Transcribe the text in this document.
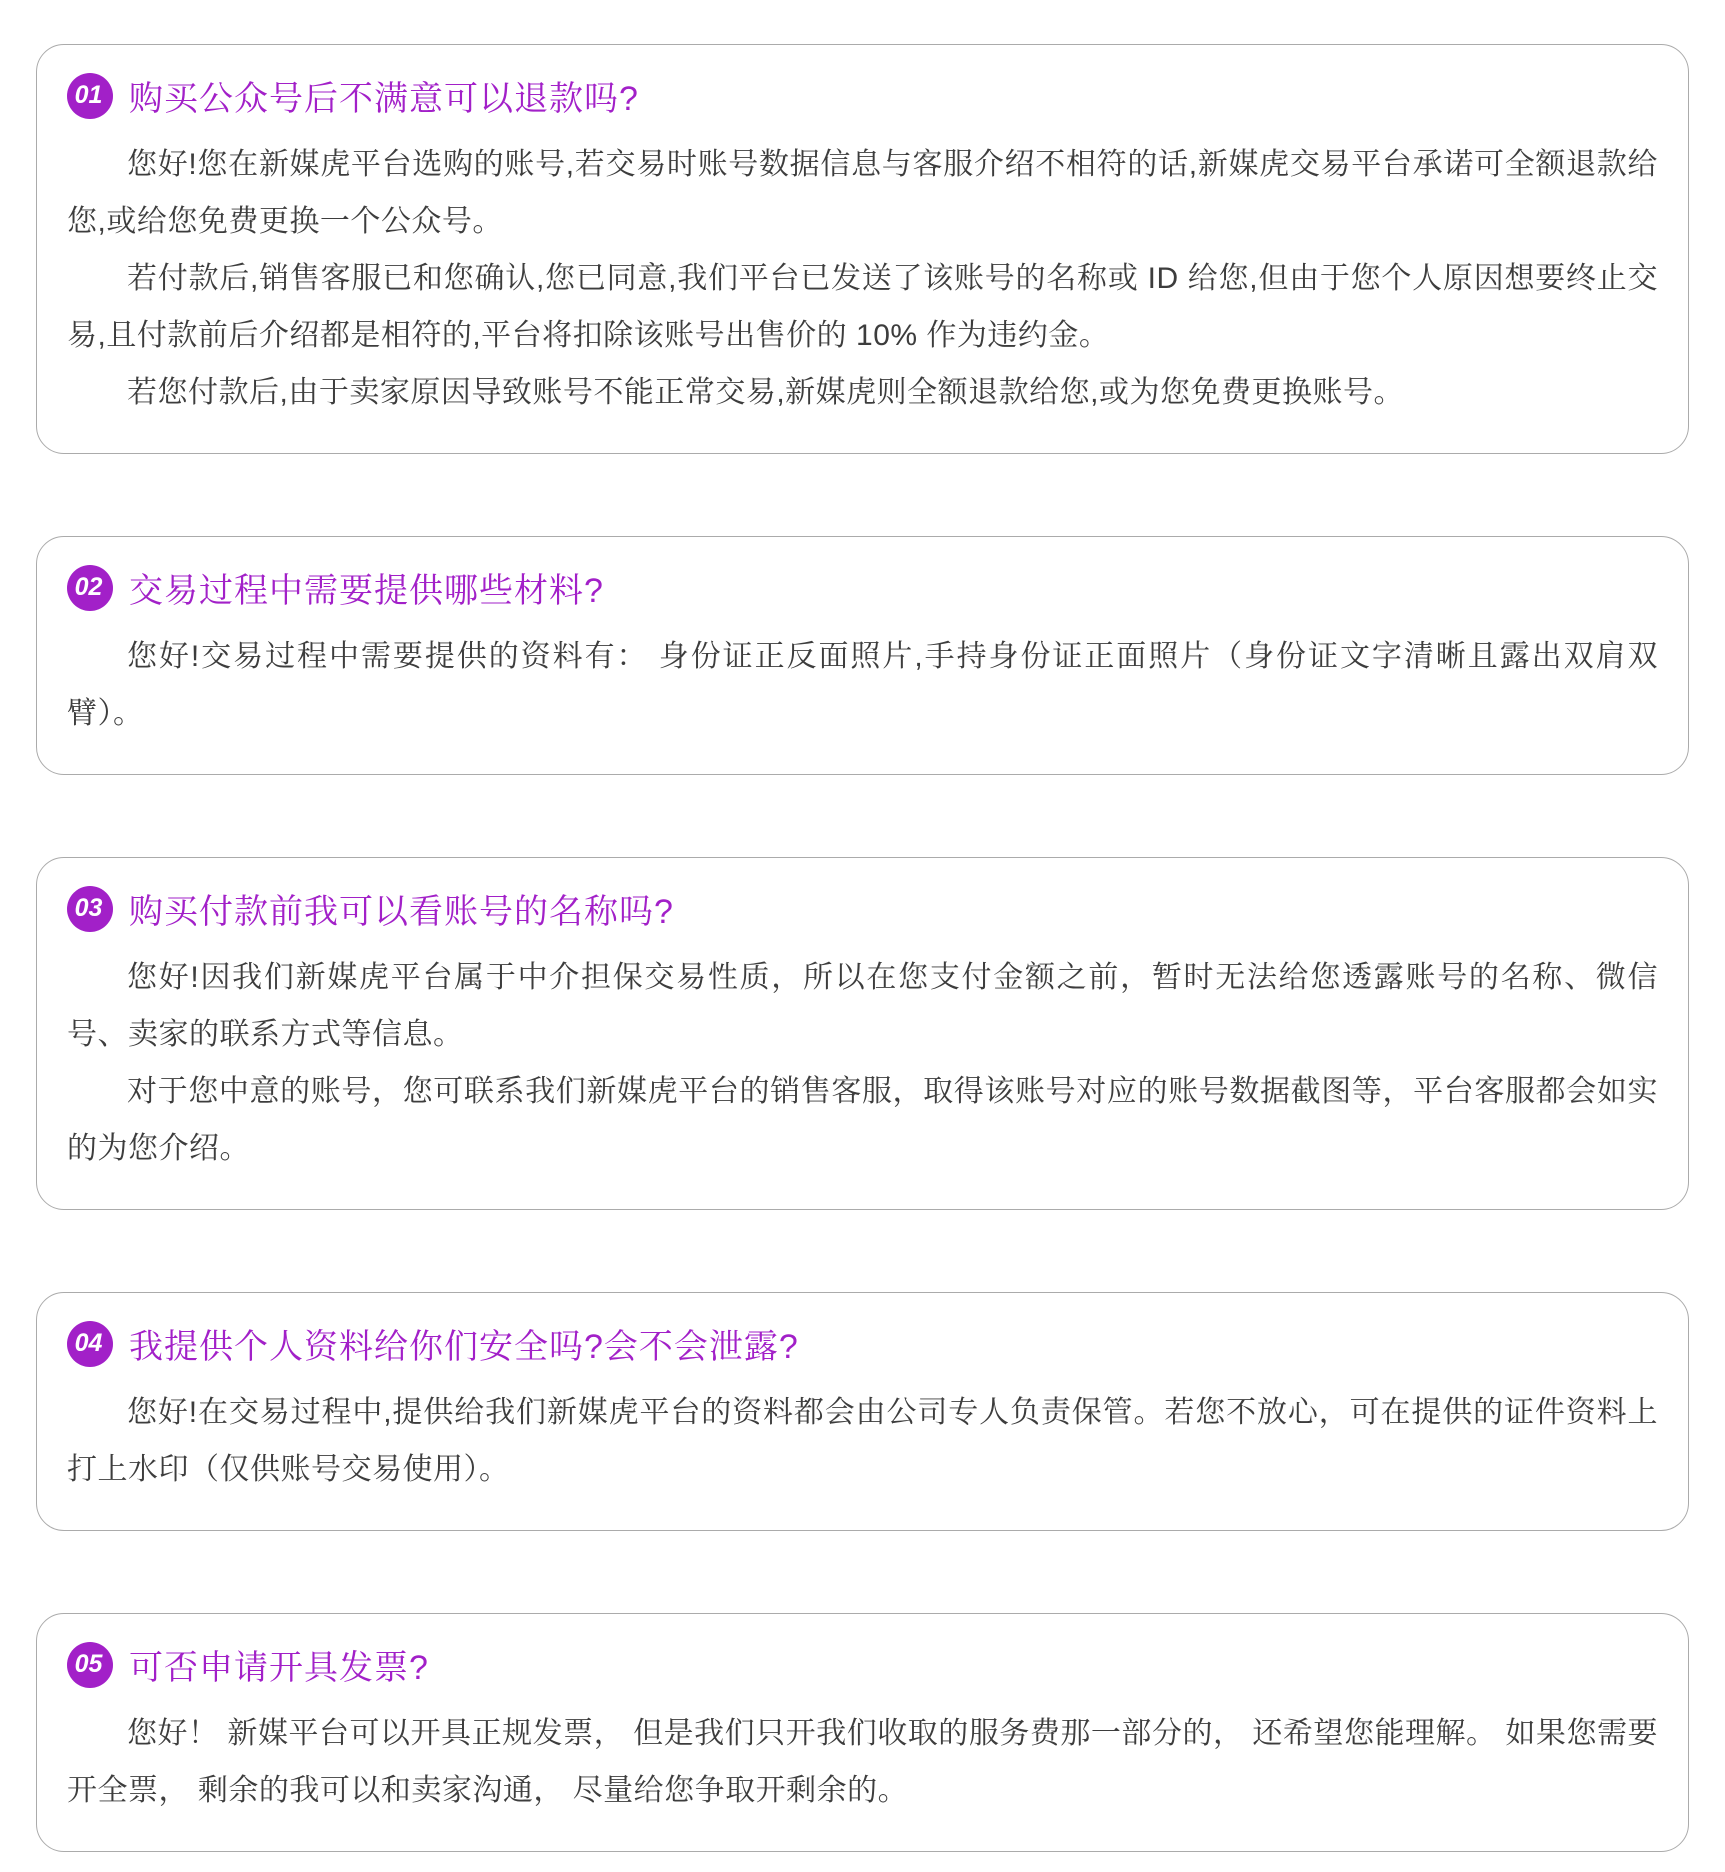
01 购买公众号后不满意可以退款吗?

您好!您在新媒虎平台选购的账号,若交易时账号数据信息与客服介绍不相符的话,新媒虎交易平台承诺可全额退款给您,或给您免费更换一个公众号。

若付款后,销售客服已和您确认,您已同意,我们平台已发送了该账号的名称或 ID 给您,但由于您个人原因想要终止交易,且付款前后介绍都是相符的,平台将扣除该账号出售价的 10% 作为违约金。

若您付款后,由于卖家原因导致账号不能正常交易,新媒虎则全额退款给您,或为您免费更换账号。

02 交易过程中需要提供哪些材料?

您好!交易过程中需要提供的资料有： 身份证正反面照片,手持身份证正面照片（身份证文字清晰且露出双肩双臂）。

03 购买付款前我可以看账号的名称吗?

您好!因我们新媒虎平台属于中介担保交易性质，所以在您支付金额之前，暂时无法给您透露账号的名称、微信号、卖家的联系方式等信息。

对于您中意的账号，您可联系我们新媒虎平台的销售客服，取得该账号对应的账号数据截图等，平台客服都会如实的为您介绍。

04 我提供个人资料给你们安全吗?会不会泄露?

您好!在交易过程中,提供给我们新媒虎平台的资料都会由公司专人负责保管。若您不放心，可在提供的证件资料上打上水印（仅供账号交易使用）。

05 可否申请开具发票?

您好！ 新媒平台可以开具正规发票， 但是我们只开我们收取的服务费那一部分的， 还希望您能理解。 如果您需要开全票， 剩余的我可以和卖家沟通， 尽量给您争取开剩余的。
